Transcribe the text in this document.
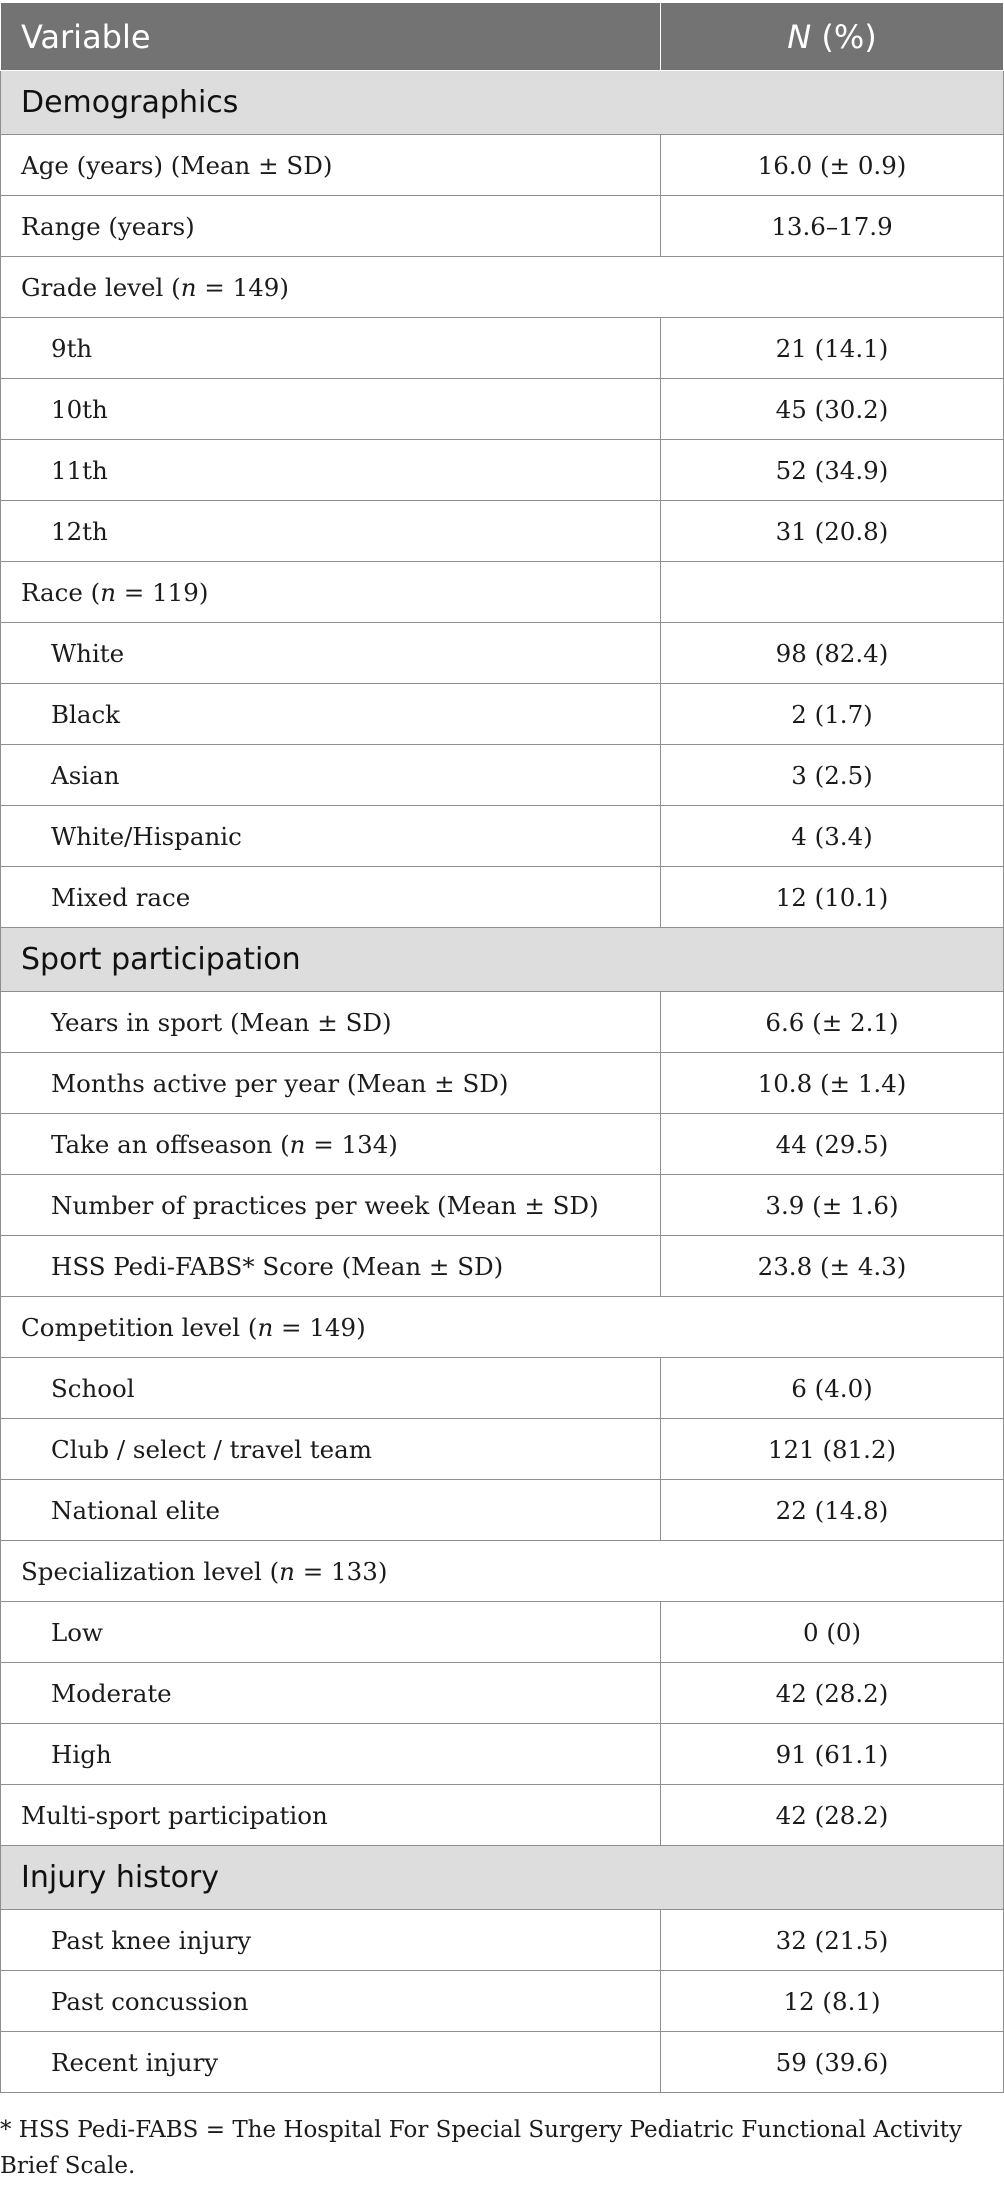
Variable	N (%)
Demographics	
Age (years) (Mean ± SD)	16.0 (± 0.9)
Range (years)	13.6–17.9
Grade level (n = 149)	
9th	21 (14.1)
10th	45 (30.2)
11th	52 (34.9)
12th	31 (20.8)
Race (n = 119)	
White	98 (82.4)
Black	2 (1.7)
Asian	3 (2.5)
White/Hispanic	4 (3.4)
Mixed race	12 (10.1)
Sport participation	
Years in sport (Mean ± SD)	6.6 (± 2.1)
Months active per year (Mean ± SD)	10.8 (± 1.4)
Take an offseason (n = 134)	44 (29.5)
Number of practices per week (Mean ± SD)	3.9 (± 1.6)
HSS Pedi-FABS* Score (Mean ± SD)	23.8 (± 4.3)
Competition level (n = 149)	
School	6 (4.0)
Club / select / travel team	121 (81.2)
National elite	22 (14.8)
Specialization level (n = 133)	
Low	0 (0)
Moderate	42 (28.2)
High	91 (61.1)
Multi-sport participation	42 (28.2)
Injury history	
Past knee injury	32 (21.5)
Past concussion	12 (8.1)
Recent injury	59 (39.6)
* HSS Pedi-FABS = The Hospital For Special Surgery Pediatric Functional Activity Brief Scale.
